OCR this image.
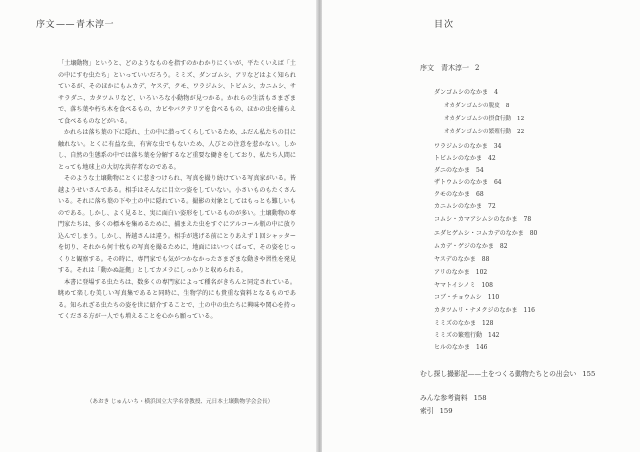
序文——青木淳一

「土壌動物」というと、どのようなものを指すのかわかりにくいが、平たくいえば「土の中にすむ虫たち」といっていいだろう。ミミズ、ダンゴムシ、アリなどはよく知られているが、そのほかにもムカデ、ヤスデ、クモ、ワラジムシ、トビムシ、カニムシ、ササラダニ、カタツムリなど、いろいろな小動物が見つかる。かれらの生活もさまざまで、落ち葉や朽ち木を食べるもの、カビやバクテリアを食べるもの、ほかの虫を捕らえて食べるものなどがいる。

かれらは落ち葉の下に隠れ、土の中に潜ってくらしているため、ふだん私たちの目に触れない。とくに有益な虫、有害な虫でもないため、人びとの注意を惹かない。しかし、自然の生態系の中では落ち葉を分解するなど重要な働きをしており、私たち人間にとっても地球上の大切な共存者なのである。

そのような土壌動物にとくに惹きつけられ、写真を撮り続けている写真家がいる。皆越ようせいさんである。相手はそんなに目立つ姿をしていない。小さいものもたくさんいる。それに落ち葉の下や土の中に隠れている。撮影の対象としてはもっとも難しいものである。しかし、よく見ると、実に面白い姿形をしているものが多い。土壌動物の専門家たちは、多くの標本を集めるために、捕まえた虫をすぐにアルコール瓶の中に放り込んでしまう。しかし、皆越さんは違う。相手が逃げる前にとりあえず１回シャッターを切り、それから何十枚もの写真を撮るために、地面にはいつくばって、その姿をじっくりと観察する。その時に、専門家でも気がつかなかったさまざまな動きや習性を発見する。それは「動かぬ証拠」としてカメラにしっかりと収められる。

本書に登場する虫たちは、数多くの専門家によって種名がきちんと同定されている。眺めて楽しむ美しい写真集であると同時に、生物学的にも貴重な資料となるものである。知られざる虫たちの姿を世に紹介することで、土の中の虫たちに興味や関心を持ってくださる方が一人でも増えることを心から願っている。

（あおき じゅんいち・横浜国立大学名誉教授、元日本土壌動物学会会長）
目次
序文　青木淳一 2
ダンゴムシのなかま 4
オカダンゴムシの脱皮 8
オカダンゴムシの摂食行動 12
オカダンゴムシの繁殖行動 22
ワラジムシのなかま 34
トビムシのなかま 42
ダニのなかま 54
ザトウムシのなかま 64
クモのなかま 68
カニムシのなかま 72
コムシ・カマアシムシのなかま 78
エダヒゲムシ・コムカデのなかま 80
ムカデ・ゲジのなかま 82
ヤスデのなかま 88
アリのなかま 102
ヤマトイシノミ 108
コブ・チョウムシ 110
カタツムリ・ナメクジのなかま 116
ミミズのなかま 128
ミミズの繁殖行動 142
ヒルのなかま 146
むし探し撮影記——土をつくる動物たちとの出会い 155
みんな参考資料 158
索引 159
